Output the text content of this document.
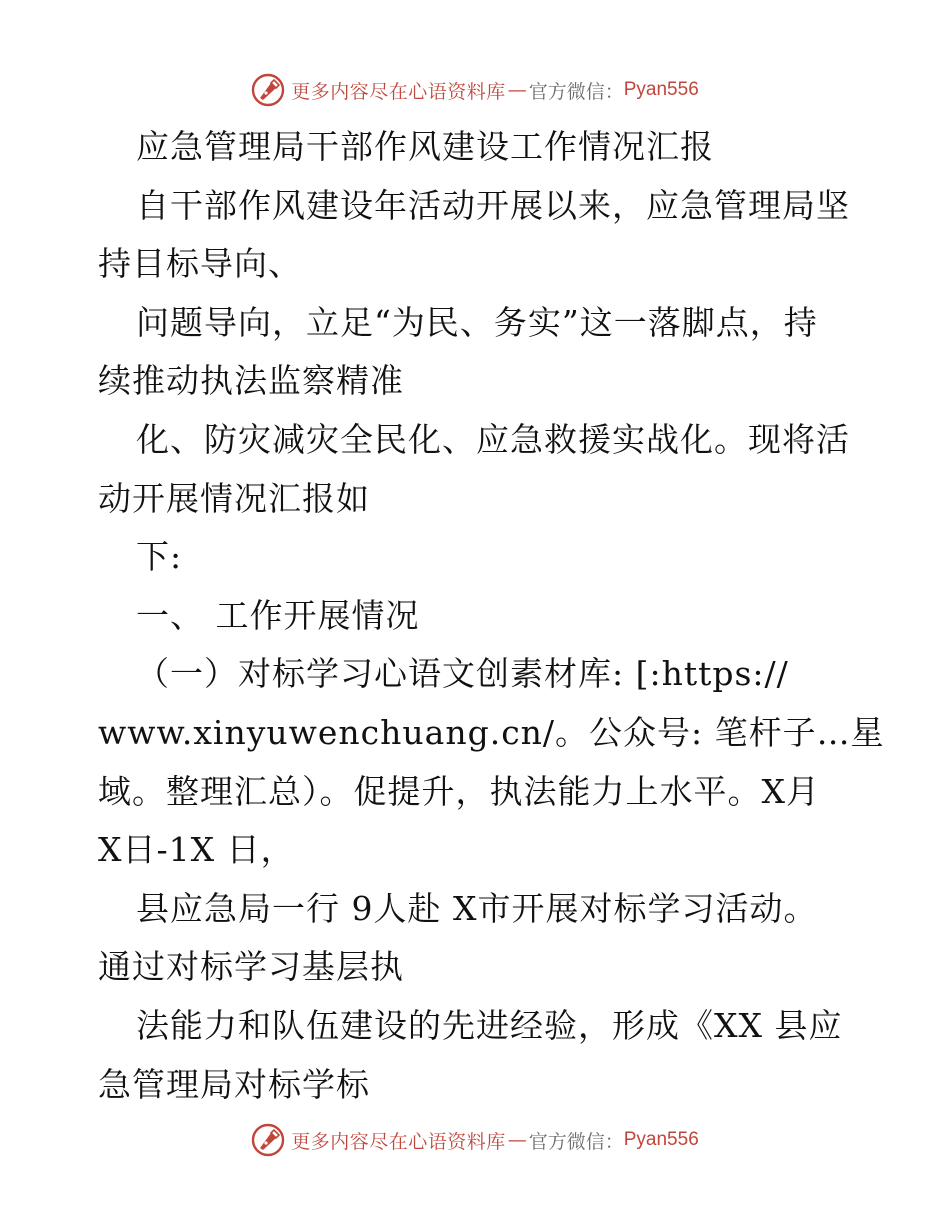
更多内容尽在心语资料库 — 官方微信： Pyan556
应急管理局干部作风建设工作情况汇报
自干部作风建设年活动开展以来，应急管理局坚
持目标导向、
问题导向，立足“为民、务实”这一落脚点，持
续推动执法监察精准
化、防灾减灾全民化、应急救援实战化。现将活
动开展情况汇报如
下:
一、 工作开展情况
（一）对标学习心语文创素材库: [:https://
www.xinyuwenchuang.cn/。公众号: 笔杆子…星
域。整理汇总）。促提升，执法能力上水平。X月
X日-1X 日，
县应急局一行 9人赴 X市开展对标学习活动。
通过对标学习基层执
法能力和队伍建设的先进经验，形成《XX 县应
急管理局对标学标
更多内容尽在心语资料库 — 官方微信： Pyan556
